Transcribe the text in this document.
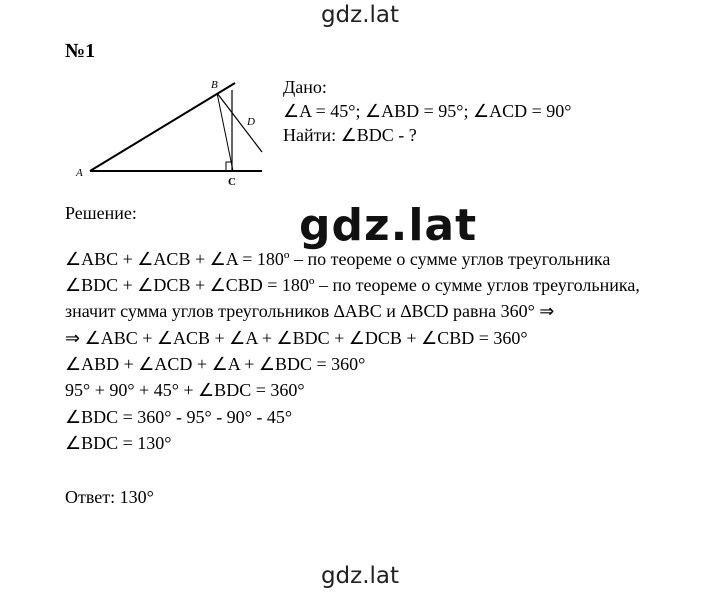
gdz.lat
№1
A
B
C
D
Дано:
∠A = 45°; ∠ABD = 95°; ∠ACD = 90°
Найти: ∠BDC - ?
Решение:	gdz.lat
∠ABC + ∠ACB + ∠A = 180º – по теореме о сумме углов треугольника
∠BDC + ∠DCB + ∠CBD = 180º – по теореме о сумме углов треугольника,
значит сумма углов треугольников ∆ABC и ∆BCD равна 360° ⇒
⇒ ∠ABC + ∠ACB + ∠A + ∠BDC + ∠DCB + ∠CBD = 360°
∠ABD + ∠ACD + ∠A + ∠BDC = 360°
95° + 90° + 45° + ∠BDC = 360°
∠BDC = 360° - 95° - 90° - 45°
∠BDC = 130°
Ответ: 130°
gdz.lat
